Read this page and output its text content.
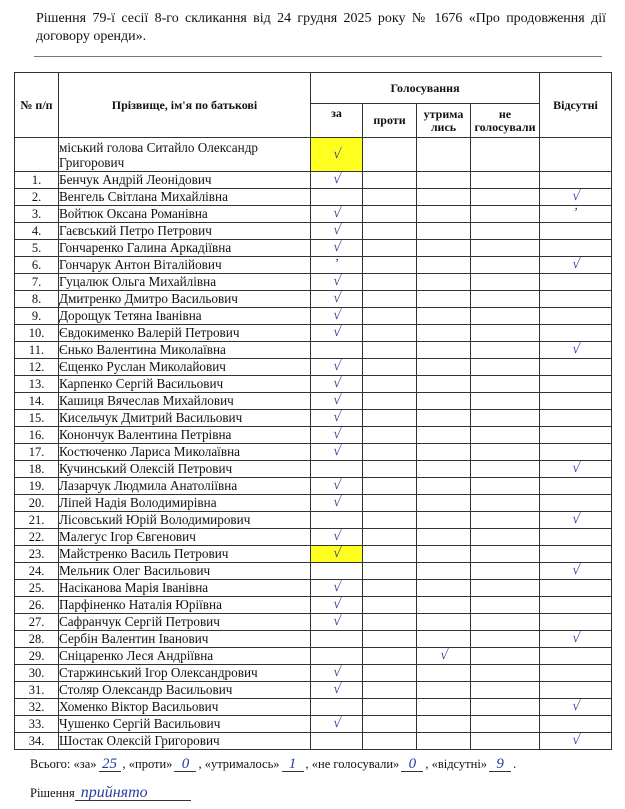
Рішення 79-ї сесії 8-го скликання від 24 грудня 2025 року № 1676 «Про продовження дії договору оренди».
№ п/п	Прізвище, ім'я по батькові	Голосування				Відсутні
		за	проти	утрима лись	не голосували	
	міський голова Ситайло Олександр Григорович	√				
1.	Бенчук Андрій Леонідович	√				
2.	Венгель Світлана Михайлівна					√
3.	Войтюк Оксана Романівна	√				ʼ
4.	Гаєвський Петро Петрович	√				
5.	Гончаренко Галина Аркадіївна	√				
6.	Гончарук Антон Віталійович	ʼ				√
7.	Гуцалюк Ольга Михайлівна	√				
8.	Дмитренко Дмитро Васильович	√				
9.	Дорощук Тетяна Іванівна	√				
10.	Євдокименко Валерій Петрович	√				
11.	Єнько Валентина Миколаївна					√
12.	Єщенко Руслан Миколайович	√				
13.	Карпенко Сергій Васильович	√				
14.	Кашиця Вячеслав Михайлович	√				
15.	Кисельчук Дмитрий Васильович	√				
16.	Конончук Валентина Петрівна	√				
17.	Костюченко Лариса Миколаївна	√				
18.	Кучинський Олексій Петрович					√
19.	Лазарчук Людмила Анатоліївна	√				
20.	Ліпей Надія Володимирівна	√				
21.	Лісовський Юрій Володимирович					√
22.	Малегус Ігор Євгенович	√				
23.	Майстренко Василь Петрович	√				
24.	Мельник Олег Васильович					√
25.	Насіканова Марія Іванівна	√				
26.	Парфіненко Наталія Юріївна	√				
27.	Сафранчук Сергій Петрович	√				
28.	Сербін Валентин Іванович					√
29.	Сніцаренко Леся Андріївна			√		
30.	Старжинський Ігор Олександрович	√				
31.	Столяр Олександр Васильович	√				
32.	Хоменко Віктор Васильович					√
33.	Чушенко Сергій Васильович	√				
34.	Шостак Олексій Григорович					√
Всього: «за» 25 , «проти» 0 , «утрималось» 1 , «не голосували» 0 , «відсутні» 9 .
Рішення прийнято
